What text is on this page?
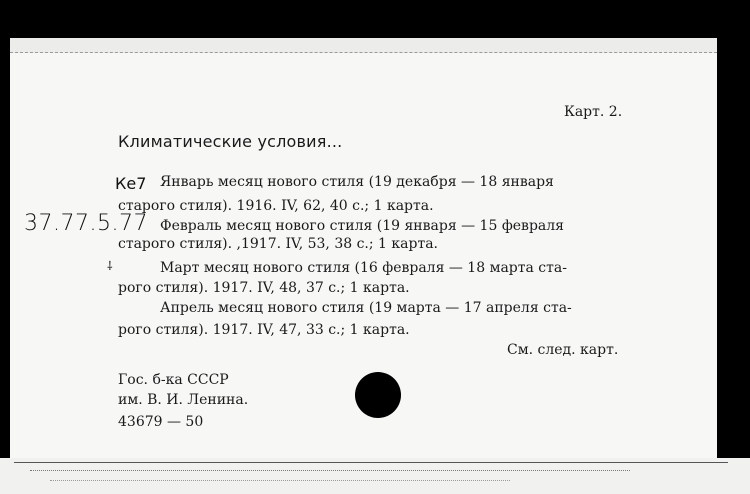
Карт. 2.
Климатические условия...
Ке7 Январь месяц нового стиля (19 декабря — 18 января
старого стиля). 1916. IV, 62, 40 с.; 1 карта.
37.77.5.77 Февраль месяц нового стиля (19 января — 15 февраля
старого стиля). ,1917. IV, 53, 38 с.; 1 карта.
⸸	Март месяц нового стиля (16 февраля — 18 марта ста-
рого стиля). 1917. IV, 48, 37 с.; 1 карта.
Апрель месяц нового стиля (19 марта — 17 апреля ста-
рого стиля). 1917. IV, 47, 33 с.; 1 карта.
См. след. карт.
Гос. б-ка СССР
им. В. И. Ленина.
43679 — 50
